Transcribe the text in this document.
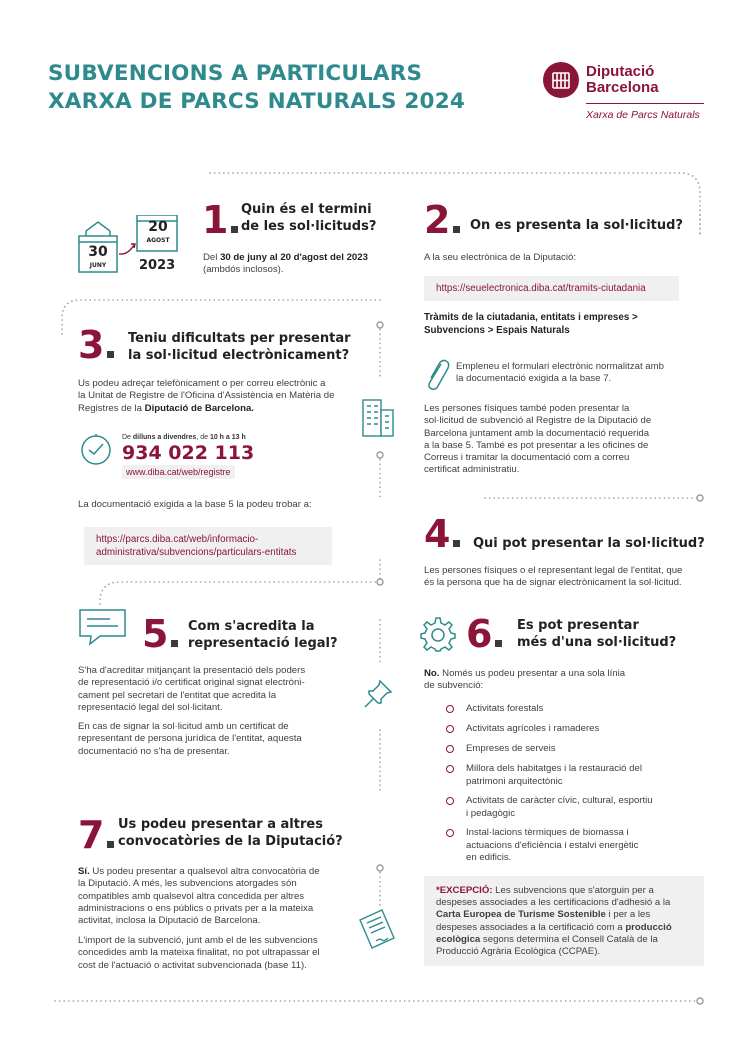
SUBVENCIONS A PARTICULARS
XARXA DE PARCS NATURALS 2024
Diputació
Barcelona
Xarxa de Parcs Naturals
30
JUNY
20
AGOST
2023
1 Quin és el termini
de les sol·licituds?
Del 30 de juny al 20 d'agost del 2023 (ambdós inclosos).
2	On es presenta la sol·licitud?
A la seu electrònica de la Diputació:
https://seuelectronica.diba.cat/tramits-ciutadania
Tràmits de la ciutadania, entitats i empreses >
Subvencions > Espais Naturals
Empleneu el formulari electrònic normalitzat amb
la documentació exigida a la base 7.
Les persones físiques també poden presentar la
sol·licitud de subvenció al Registre de la Diputació de
Barcelona juntament amb la documentació requerida
a la base 5. També es pot presentar a les oficines de
Correus i tramitar la documentació com a correu
certificat administratiu.
3	Teniu dificultats per presentar
la sol·licitud electrònicament?
Us podeu adreçar telefònicament o per correu electrònic a
la Unitat de Registre de l'Oficina d'Assistència en Matèria de
Registres de la Diputació de Barcelona.
De dilluns a divendres, de 10 h a 13 h
934 022 113
www.diba.cat/web/registre
La documentació exigida a la base 5 la podeu trobar a:
https://parcs.diba.cat/web/informacio-
administrativa/subvencions/particulars-entitats	4	Qui pot presentar la sol·licitud?
Les persones físiques o el representant legal de l'entitat, que
és la persona que ha de signar electrònicament la sol·licitud.
5	Com s'acredita la
representació legal?
S'ha d'acreditar mitjançant la presentació dels poders
de representació i/o certificat original signat electròni-
cament pel secretari de l'entitat que acredita la
representació legal del sol·licitant.
En cas de signar la sol·licitud amb un certificat de
representant de persona jurídica de l'entitat, aquesta
documentació no s'ha de presentar.
6	Es pot presentar
més d'una sol·licitud?
No. Només us podeu presentar a una sola línia
de subvenció:
Activitats forestals
Activitats agrícoles i ramaderes
Empreses de serveis
Millora dels habitatges i la restauració del
patrimoni arquitectònic
Activitats de caràcter cívic, cultural, esportiu
i pedagògic
Instal·lacions tèrmiques de biomassa i
actuacions d'eficiència i estalvi energètic
en edificis.
*EXCEPCIÓ: Les subvencions que s'atorguin per a
despeses associades a les certificacions d'adhesió a la
Carta Europea de Turisme Sostenible i per a les
despeses associades a la certificació com a producció
ecològica segons determina el Consell Català de la
Producció Agrària Ecològica (CCPAE).
7	Us podeu presentar a altres
convocatòries de la Diputació?
Sí. Us podeu presentar a qualsevol altra convocatòria de
la Diputació. A més, les subvencions atorgades són
compatibles amb qualsevol altra concedida per altres
administracions o ens públics o privats per a la mateixa
activitat, inclosa la Diputació de Barcelona.
L'import de la subvenció, junt amb el de les subvencions
concedides amb la mateixa finalitat, no pot ultrapassar el
cost de l'actuació o activitat subvencionada (base 11).
